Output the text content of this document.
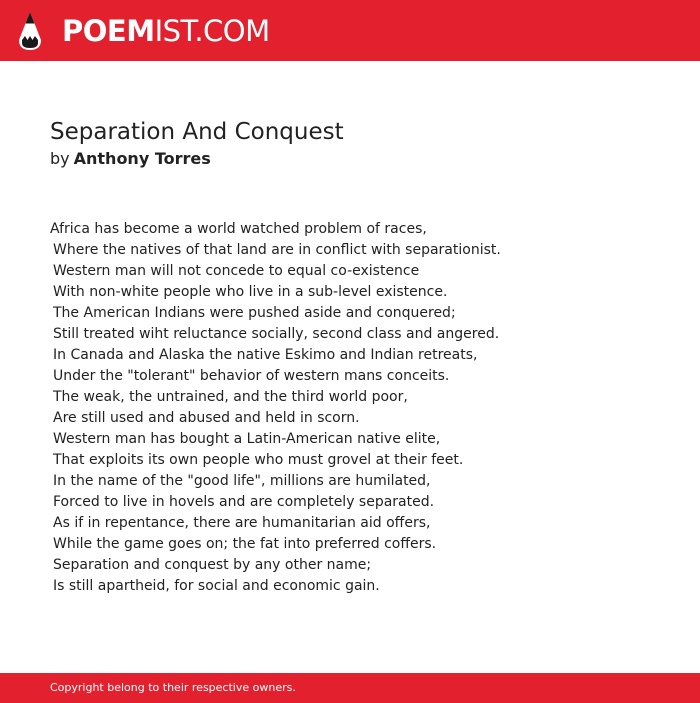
POEMIST.COM
Separation And Conquest
by Anthony Torres
Africa has become a world watched problem of races,
Where the natives of that land are in conflict with separationist.
Western man will not concede to equal co-existence
With non-white people who live in a sub-level existence.
The American Indians were pushed aside and conquered;
Still treated wiht reluctance socially, second class and angered.
In Canada and Alaska the native Eskimo and Indian retreats,
Under the "tolerant" behavior of western mans conceits.
The weak, the untrained, and the third world poor,
Are still used and abused and held in scorn.
Western man has bought a Latin-American native elite,
That exploits its own people who must grovel at their feet.
In the name of the "good life", millions are humilated,
Forced to live in hovels and are completely separated.
As if in repentance, there are humanitarian aid offers,
While the game goes on; the fat into preferred coffers.
Separation and conquest by any other name;
Is still apartheid, for social and economic gain.
Copyright belong to their respective owners.
